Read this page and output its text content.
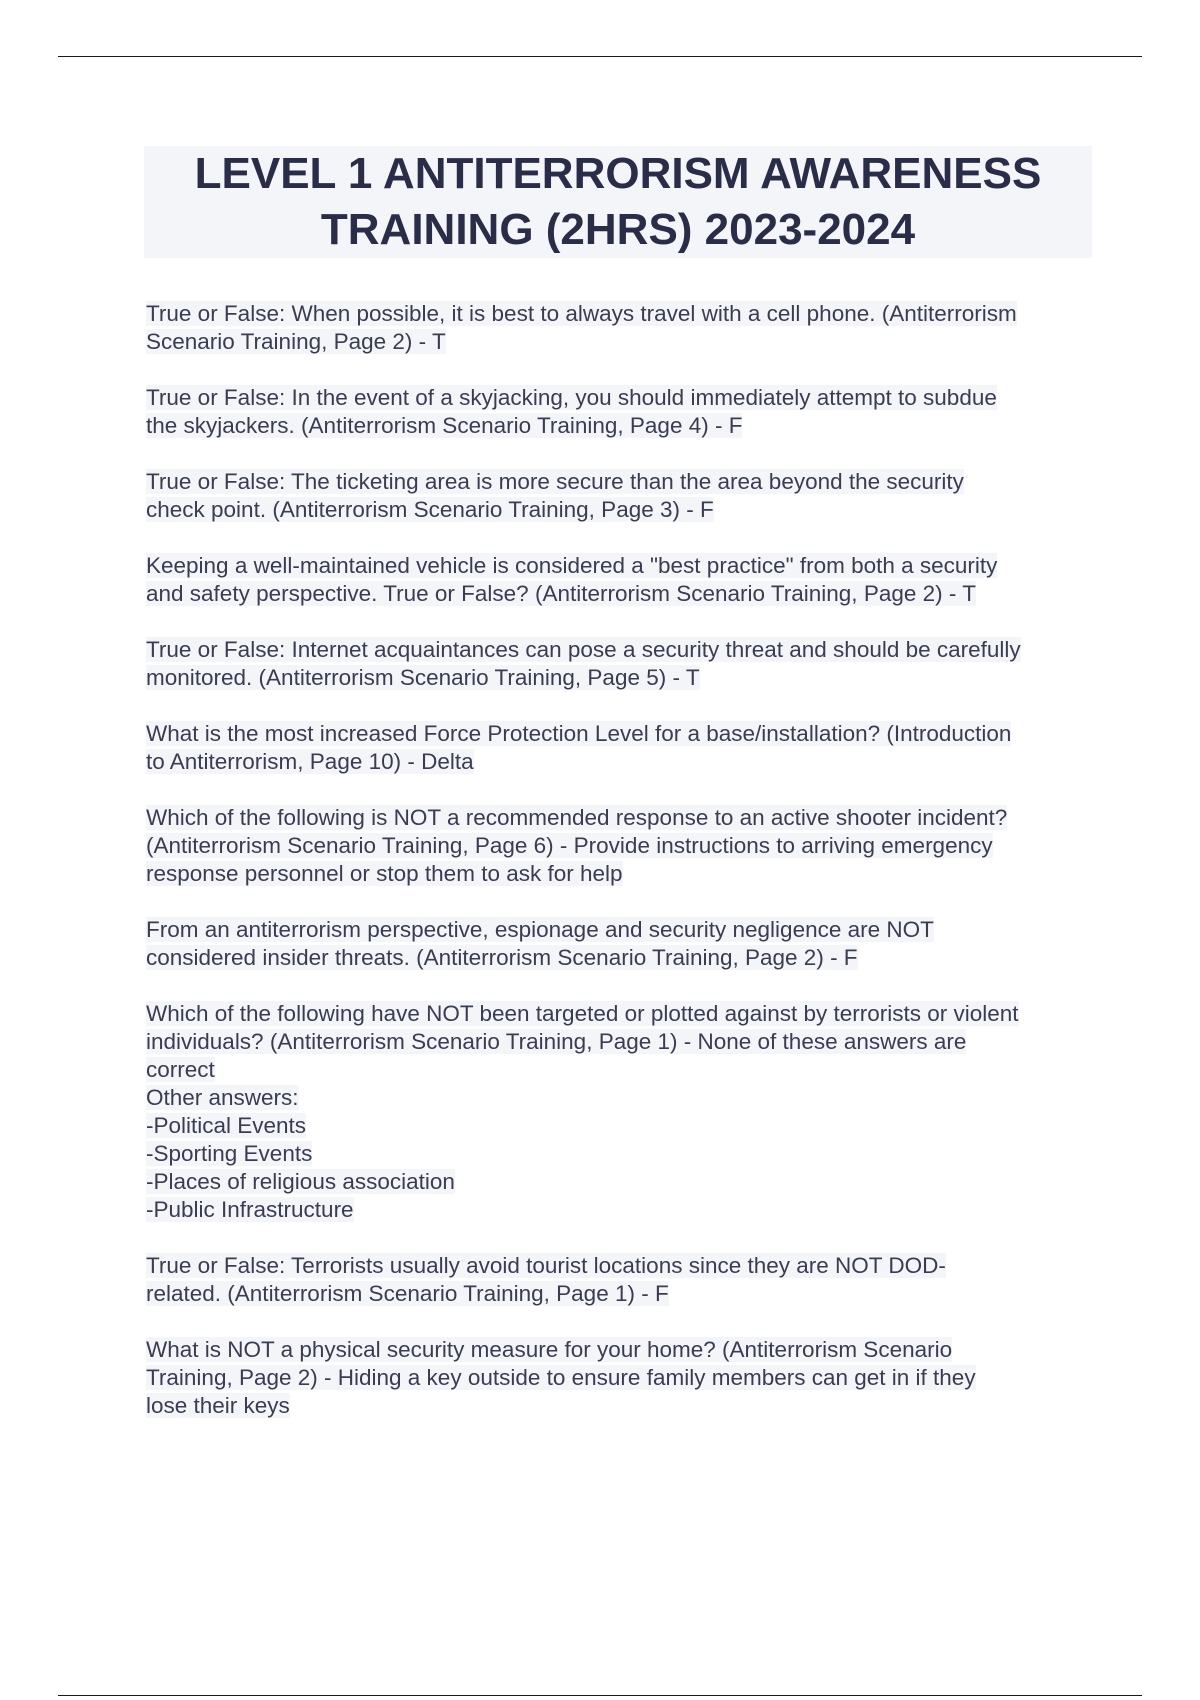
LEVEL 1 ANTITERRORISM AWARENESS
TRAINING (2HRS) 2023-2024
True or False: When possible, it is best to always travel with a cell phone. (Antiterrorism
Scenario Training, Page 2) - T
True or False: In the event of a skyjacking, you should immediately attempt to subdue
the skyjackers. (Antiterrorism Scenario Training, Page 4) - F
True or False: The ticketing area is more secure than the area beyond the security
check point. (Antiterrorism Scenario Training, Page 3) - F
Keeping a well-maintained vehicle is considered a "best practice" from both a security
and safety perspective. True or False? (Antiterrorism Scenario Training, Page 2) - T
True or False: Internet acquaintances can pose a security threat and should be carefully
monitored. (Antiterrorism Scenario Training, Page 5) - T
What is the most increased Force Protection Level for a base/installation? (Introduction
to Antiterrorism, Page 10) - Delta
Which of the following is NOT a recommended response to an active shooter incident?
(Antiterrorism Scenario Training, Page 6) - Provide instructions to arriving emergency
response personnel or stop them to ask for help
From an antiterrorism perspective, espionage and security negligence are NOT
considered insider threats. (Antiterrorism Scenario Training, Page 2) - F
Which of the following have NOT been targeted or plotted against by terrorists or violent
individuals? (Antiterrorism Scenario Training, Page 1) - None of these answers are
correct
Other answers:
-Political Events
-Sporting Events
-Places of religious association
-Public Infrastructure
True or False: Terrorists usually avoid tourist locations since they are NOT DOD-
related. (Antiterrorism Scenario Training, Page 1) - F
What is NOT a physical security measure for your home? (Antiterrorism Scenario
Training, Page 2) - Hiding a key outside to ensure family members can get in if they
lose their keys
